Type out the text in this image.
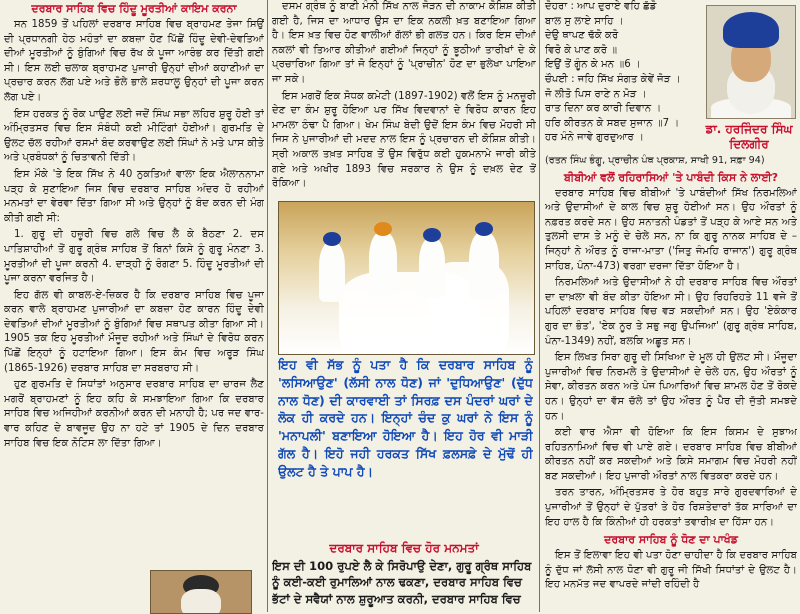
ਦਰਬਾਰ ਸਾਹਿਬ ਵਿਚ ਹਿੰਦੂ ਮੂਰਤੀਆਂ ਕਾਇਮ ਕਰਨਾ

ਸਨ 1859 ਤੋਂ ਪਹਿਲਾਂ ਦਰਬਾਰ ਸਾਹਿਬ ਵਿਚ ਬ੍ਰਾਹਮਣ ਤੇਜਾ ਸਿਉਂ ਦੀ ਪ੍ਰਧਾਨਗੀ ਹੇਠ ਮਹੰਤਾਂ ਦਾ ਕਬਜ਼ਾ ਹੋਣ ਪਿੱਛੋਂ ਹਿੰਦੂ ਦੇਵੀ-ਦੇਵਤਿਆਂ ਦੀਆਂ ਮੂਰਤੀਆਂ ਨੂੰ ਬੁੰਗਿਆਂ ਵਿਚ ਰੱਖ ਕੇ ਪੂਜਾ ਆਰੰਭ ਕਰ ਦਿੱਤੀ ਗਈ ਸੀ। ਇਸ ਲਈ ਚਲਾਕ ਬ੍ਰਾਹਮਣ ਪੁਜਾਰੀ ਉਨ੍ਹਾਂ ਦੀਆਂ ਕਹਾਣੀਆਂ ਦਾ ਪ੍ਰਚਾਰ ਕਰਨ ਲੱਗ ਪਏ ਅਤੇ ਭੋਲੇ ਭਾਲੇ ਸ਼ਰਧਾਲੂ ਉਨ੍ਹਾਂ ਦੀ ਪੂਜਾ ਕਰਨ ਲੱਗ ਪਏ।

ਇਸ ਹਰਕਤ ਨੂੰ ਰੋਕ ਪਾਉਣ ਲਈ ਜਦੋਂ ਸਿੰਘ ਸਭਾ ਲਹਿਰ ਸ਼ੁਰੂ ਹੋਈ ਤਾਂ ਅੰਮ੍ਰਿਤਸਰ ਵਿਚ ਇਸ ਸੰਬੰਧੀ ਕਈ ਮੀਟਿੰਗਾਂ ਹੋਈਆਂ। ਗੁਰਮਤਿ ਦੇ ਉਲਟ ਚੱਲ ਰਹੀਆਂ ਰਸਮਾਂ ਬੰਦ ਕਰਵਾਉਣ ਲਈ ਸਿੰਘਾਂ ਨੇ ਮਤੇ ਪਾਸ ਕੀਤੇ ਅਤੇ ਪ੍ਰਬੰਧਕਾਂ ਨੂੰ ਚਿਤਾਵਨੀ ਦਿੱਤੀ।

ਇਸ ਮੌਕੇ 'ਤੇ ਇਕ ਸਿੱਖ ਨੇ 40 ਨੁਕਤਿਆਂ ਵਾਲਾ ਇਕ ਐਲਾਨਨਾਮਾ ਪੜ੍ਹ ਕੇ ਸੁਣਾਇਆ ਜਿਸ ਵਿਚ ਦਰਬਾਰ ਸਾਹਿਬ ਅੰਦਰ ਹੋ ਰਹੀਆਂ ਮਨਮਤਾਂ ਦਾ ਵੇਰਵਾ ਦਿੱਤਾ ਗਿਆ ਸੀ ਅਤੇ ਉਨ੍ਹਾਂ ਨੂੰ ਬੰਦ ਕਰਨ ਦੀ ਮੰਗ ਕੀਤੀ ਗਈ ਸੀ:

1. ਗੁਰੂ ਦੀ ਹਜ਼ੂਰੀ ਵਿਚ ਗਲੇ ਵਿਚ ਲੈ ਕੇ ਬੈਠਣਾ 2. ਦਸ ਪਾਤਿਸ਼ਾਹੀਆਂ ਤੋਂ ਗੁਰੂ ਗ੍ਰੰਥ ਸਾਹਿਬ ਤੋਂ ਬਿਨਾਂ ਕਿਸੇ ਨੂੰ ਗੁਰੂ ਮੰਨਣਾ 3. ਮੂਰਤੀਆਂ ਦੀ ਪੂਜਾ ਕਰਨੀ 4. ਦਾੜ੍ਹੀ ਨੂੰ ਰੰਗਣਾ 5. ਹਿੰਦੂ ਮੂਰਤੀਆਂ ਦੀ ਪੂਜਾ ਕਰਨਾ ਵਰਜਿਤ ਹੈ।

ਇਹ ਗੱਲ ਵੀ ਕਾਬਲ-ਏ-ਜ਼ਿਕਰ ਹੈ ਕਿ ਦਰਬਾਰ ਸਾਹਿਬ ਵਿਚ ਪੂਜਾ ਕਰਨ ਵਾਲੇ ਬ੍ਰਾਹਮਣ ਪੁਜਾਰੀਆਂ ਦਾ ਕਬਜ਼ਾ ਹੋਣ ਕਾਰਨ ਹਿੰਦੂ ਦੇਵੀ ਦੇਵਤਿਆਂ ਦੀਆਂ ਮੂਰਤੀਆਂ ਨੂੰ ਬੁੰਗਿਆਂ ਵਿਚ ਸਥਾਪਤ ਕੀਤਾ ਗਿਆ ਸੀ। 1905 ਤਕ ਇਹ ਮੂਰਤੀਆਂ ਮੌਜੂਦ ਰਹੀਆਂ ਅਤੇ ਸਿੰਘਾਂ ਦੇ ਵਿਰੋਧ ਕਰਨ ਪਿੱਛੋਂ ਇਨ੍ਹਾਂ ਨੂੰ ਹਟਾਇਆ ਗਿਆ। ਇਸ ਕੰਮ ਵਿਚ ਅਰੂੜ ਸਿੰਘ (1865-1926) ਦਰਬਾਰ ਸਾਹਿਬ ਦਾ ਸਰਬਰਾਹ ਸੀ।

ਹੁਣ ਗੁਰਮਤਿ ਦੇ ਸਿਧਾਂਤਾਂ ਅਨੁਸਾਰ ਦਰਬਾਰ ਸਾਹਿਬ ਦਾ ਚਾਰਜ ਲੈਣ ਮਗਰੋਂ ਬ੍ਰਾਹਮਣਾਂ ਨੂੰ ਇਹ ਕਹਿ ਕੇ ਸਮਝਾਇਆ ਗਿਆ ਕਿ ਦਰਬਾਰ ਸਾਹਿਬ ਵਿਚ ਅਜਿਹੀਆਂ ਕਰਨੀਆਂ ਕਰਨ ਦੀ ਮਨਾਹੀ ਹੈ; ਪਰ ਜਦ ਵਾਰ-ਵਾਰ ਕਹਿਣ ਦੇ ਬਾਵਜੂਦ ਉਹ ਨਾ ਹਟੇ ਤਾਂ 1905 ਦੇ ਦਿਨ ਦਰਬਾਰ ਸਾਹਿਬ ਵਿਚ ਇਕ ਨੋਟਿਸ ਲਾ ਦਿੱਤਾ ਗਿਆ।

ਦਸਮ ਗ੍ਰੰਥ ਨੂੰ ਬਾਣੀ ਮੰਨੀ ਸਿੱਖ ਨਾਲ ਜੋੜਨ ਦੀ ਨਾਕਾਮ ਕੋਸ਼ਿਸ਼ ਕੀਤੀ ਗਈ ਹੈ, ਜਿਸ ਦਾ ਆਧਾਰ ਉਸ ਦਾ ਇਕ ਨਕਲੀ ਖ਼ਤ ਬਣਾਇਆ ਗਿਆ ਹੈ। ਇਸ ਖ਼ਤ ਵਿਚ ਹੋਣ ਵਾਲੀਆਂ ਗੱਲਾਂ ਭੀ ਗਲਤ ਹਨ। ਕਿਰ ਇਸ ਦੀਆਂ ਨਕਲਾਂ ਵੀ ਤਿਆਰ ਕੀਤੀਆਂ ਗਈਆਂ ਜਿਨ੍ਹਾਂ ਨੂੰ ਝੂਠੀਆਂ ਤਾਰੀਖਾਂ ਦੇ ਕੇ ਪ੍ਰਚਾਰਿਆ ਗਿਆ ਤਾਂ ਜੋ ਇਨ੍ਹਾਂ ਨੂੰ 'ਪ੍ਰਾਚੀਨ' ਹੋਣ ਦਾ ਭੁਲੇਖਾ ਪਾਇਆ ਜਾ ਸਕੇ।

ਇਸ ਮਗਰੋਂ ਇਕ ਸੋਧਕ ਕਮੇਟੀ (1897-1902) ਵਲੋਂ ਇਸ ਨੂੰ ਮਨਜ਼ੂਰੀ ਦੇਣ ਦਾ ਕੰਮ ਸ਼ੁਰੂ ਹੋਇਆ ਪਰ ਸਿੱਖ ਵਿਦਵਾਨਾਂ ਦੇ ਵਿਰੋਧ ਕਾਰਨ ਇਹ ਮਾਮਲਾ ਠੰਢਾ ਪੈ ਗਿਆ। ਖੇਮ ਸਿੰਘ ਬੇਦੀ ਉਦੋਂ ਇਸ ਕੰਮ ਵਿਚ ਮੋਹਰੀ ਸੀ ਜਿਸ ਨੇ ਪੁਜਾਰੀਆਂ ਦੀ ਮਦਦ ਨਾਲ ਇਸ ਨੂੰ ਪ੍ਰਚਾਰਨ ਦੀ ਕੋਸ਼ਿਸ਼ ਕੀਤੀ। ਸ੍ਰੀ ਅਕਾਲ ਤਖ਼ਤ ਸਾਹਿਬ ਤੋਂ ਉਸ ਵਿਰੁੱਧ ਕਈ ਹੁਕਮਨਾਮੇ ਜਾਰੀ ਕੀਤੇ ਗਏ ਅਤੇ ਅਖੀਰ 1893 ਵਿਚ ਸਰਕਾਰ ਨੇ ਉਸ ਨੂੰ ਦਖ਼ਲ ਦੇਣ ਤੋਂ ਰੋਕਿਆ।

ਇਹ ਵੀ ਸੱਭ ਨੂੰ ਪਤਾ ਹੈ ਕਿ ਦਰਬਾਰ ਸਾਹਿਬ ਨੂੰ 'ਲਸਿਆਉਣ' (ਲੱਸੀ ਨਾਲ ਧੋਣ) ਜਾਂ 'ਦੁਧਿਆਉਣ' (ਦੁੱਧ ਨਾਲ ਧੋਣ) ਦੀ ਕਾਰਵਾਈ ਤਾਂ ਸਿਰਫ਼ ਦਸ ਪੰਦਰਾਂ ਘਰਾਂ ਦੇ ਲੋਕ ਹੀ ਕਰਦੇ ਹਨ। ਇਨ੍ਹਾਂ ਚੰਦ ਕੁ ਘਰਾਂ ਨੇ ਇਸ ਨੂੰ 'ਮਨਾਪਲੀ' ਬਣਾਇਆ ਹੋਇਆ ਹੈ। ਇਹ ਹੋਰ ਵੀ ਮਾੜੀ ਗੱਲ ਹੈ। ਇਹੋ ਜਹੀ ਹਰਕਤ ਸਿੱਖ ਫ਼ਲਸਫ਼ੇ ਦੇ ਮੁੱਢੋਂ ਹੀ ਉਲਟ ਹੈ ਤੇ ਪਾਪ ਹੈ।
ਦਰਬਾਰ ਸਾਹਿਬ ਵਿਚ ਹੋਰ ਮਨਮਤਾਂ
ਇਸ ਦੀ 100 ਰੁਪਏ ਲੈ ਕੇ ਸਿਰੋਪਾਉ ਦੇਣਾ, ਗੁਰੂ ਗ੍ਰੰਥ ਸਾਹਿਬ ਨੂੰ ਕਈ-ਕਈ ਰੁਮਾਲਿਆਂ ਨਾਲ ਢਕਣਾ, ਦਰਬਾਰ ਸਾਹਿਬ ਵਿਚ ਭੱਟਾਂ ਦੇ ਸਵੈਯਾਂ ਨਾਲ ਸ਼ੁਰੂਆਤ ਕਰਨੀ, ਦਰਬਾਰ ਸਾਹਿਬ ਵਿਚ
ਦੋਹਰਾ : ਆਪ ਦੁਰਾਏ ਵਹਿ ਛੱਡੋ
ਬਾਲ ਸੁ ਲਾਏ ਸਾਹਿ ।
ਦੇਉ ਥਾਪਣ ਢੱਕੋ ਕਰੋ
ਵਿਰੋ ਕੇ ਪਾਣ ਕਰੋ ॥
ਇਉਂ ਤੋਂ ਗੂੰਨ ਕੇ ਮਨ ॥6 ।
ਚੌਪਈ : ਜਹਿ ਸਿੱਖ ਸੰਗਤ ਕੇਵੇਂ ਜੋੜ ।
ਜੋ ਲੀਤੋ ਪਿਸ ਰਾਣੇ ਨ ਮੋੜ ।
ਰਾਤ ਦਿਨਾ ਕਰ ਕਾਰੀ ਦਿਵਾਨ ।
ਹਰਿ ਕੀਰਤਨ ਕੇ ਸਬਦ ਸੁਜਾਨ ॥7 ।
ਹਰ ਮੰਨੇ ਜਾਵੇ ਗੁਰਦੁਆਰ ।
ਡਾ. ਹਰਜਿੰਦਰ ਸਿੰਘ ਦਿਲਗੀਰ
(ਰਤਨ ਸਿੰਘ ਭੰਗੂ, ਪ੍ਰਾਚੀਨ ਪੰਥ ਪ੍ਰਕਾਸ਼, ਸਾਖੀ 91, ਸਫ਼ਾ 94)
ਬੀਬੀਆਂ ਵਲੋਂ ਰਹਿਰਾਸਿਆਂ 'ਤੇ ਪਾਬੰਦੀ ਕਿਸ ਨੇ ਲਾਈ?

ਦਰਬਾਰ ਸਾਹਿਬ ਵਿਚ ਬੀਬੀਆਂ 'ਤੇ ਪਾਬੰਦੀਆਂ ਸਿੱਖ ਨਿਰਮਲਿਆਂ ਅਤੇ ਉਦਾਸੀਆਂ ਦੇ ਕਾਲ ਵਿਚ ਸ਼ੁਰੂ ਹੋਈਆਂ ਸਨ। ਉਹ ਔਰਤਾਂ ਨੂੰ ਨਫ਼ਰਤ ਕਰਦੇ ਸਨ। ਉਹ ਸਨਾਤਨੀ ਪੰਡਤਾਂ ਤੋਂ ਪੜ੍ਹ ਕੇ ਆਏ ਸਨ ਅਤੇ ਤੁਲਸੀ ਦਾਸ ਤੇ ਮਨੂੰ ਦੇ ਚੇਲੇ ਸਨ, ਨਾ ਕਿ ਗੁਰੂ ਨਾਨਕ ਸਾਹਿਬ ਦੇ – ਜਿਨ੍ਹਾਂ ਨੇ ਔਰਤ ਨੂੰ ਰਾਜਾ-ਮਾਤਾ ('ਜਿਤੁ ਜੰਮਹਿ ਰਾਜਾਨ') ਗੁਰੂ ਗ੍ਰੰਥ ਸਾਹਿਬ, ਪੰਨਾ-473) ਵਰਗਾ ਦਰਜਾ ਦਿੱਤਾ ਹੋਇਆ ਹੈ।

ਨਿਰਮਲਿਆਂ ਅਤੇ ਉਦਾਸੀਆਂ ਨੇ ਹੀ ਦਰਬਾਰ ਸਾਹਿਬ ਵਿਚ ਔਰਤਾਂ ਦਾ ਦਾਖ਼ਲਾ ਵੀ ਬੰਦ ਕੀਤਾ ਹੋਇਆ ਸੀ। ਉਹ ਰਿਹਰਿਹਤੇ 11 ਵਜੇ ਤੋਂ ਪਹਿਲਾਂ ਦਰਬਾਰ ਸਾਹਿਬ ਵਿਚ ਵੜ ਸਕਦੀਆਂ ਸਨ। ਉਹ 'ਏਕੰਕਾਰ ਗੁਰ ਦਾ ਭੰਤ', 'ਏਕ ਨੂਰ ਤੇ ਸਭੁ ਜਗੁ ਉਪਜਿਆ' (ਗੁਰੂ ਗ੍ਰੰਥ ਸਾਹਿਬ, ਪੰਨਾ-1349) ਨਹੀਂ, ਬਲਕਿ ਅਛੂਤ ਸਨ।

ਇਸ ਲਿਖਤ ਸਿਰਾ ਗੁਰੂ ਦੀ ਸਿਖਿਆ ਦੇ ਮੂਲ ਹੀ ਉਲਟ ਸੀ। ਮੌਜੂਦਾ ਪੁਜਾਰੀਆਂ ਵਿਚ ਨਿਰਮਲੇ ਤੇ ਉਦਾਸੀਆਂ ਦੇ ਚੇਲੇ ਹਨ, ਉਹ ਔਰਤਾਂ ਨੂੰ ਸੇਵਾ, ਕੀਰਤਨ ਕਰਨ ਅਤੇ ਪੰਜ ਪਿਆਰਿਆਂ ਵਿਚ ਸ਼ਾਮਲ ਹੋਣ ਤੋਂ ਰੋਕਦੇ ਹਨ। ਉਨ੍ਹਾਂ ਦਾ ਵੱਸ ਚੱਲੇ ਤਾਂ ਉਹ ਔਰਤ ਨੂੰ ਪੈਰ ਦੀ ਜੁੱਤੀ ਸਮਝਦੇ ਹਨ।

ਕਈ ਵਾਰ ਐਸਾ ਵੀ ਹੋਇਆ ਕਿ ਇਸ ਕਿਸਮ ਦੇ ਸੁਝਾਅ ਰਹਿਤਨਾਮਿਆਂ ਵਿਚ ਵੀ ਪਾਏ ਗਏ। ਦਰਬਾਰ ਸਾਹਿਬ ਵਿਚ ਬੀਬੀਆਂ ਕੀਰਤਨ ਨਹੀਂ ਕਰ ਸਕਦੀਆਂ ਅਤੇ ਕਿਸੇ ਸਮਾਗਮ ਵਿਚ ਮੋਹਰੀ ਨਹੀਂ ਬਣ ਸਕਦੀਆਂ। ਇਹ ਪੁਜਾਰੀ ਔਰਤਾਂ ਨਾਲ ਵਿਤਕਰਾ ਕਰਦੇ ਹਨ।

ਤਰਨ ਤਾਰਨ, ਅੰਮ੍ਰਿਤਸਰ ਤੇ ਹੋਰ ਬਹੁਤ ਸਾਰੇ ਗੁਰਦਵਾਰਿਆਂ ਦੇ ਪੁਜਾਰੀਆਂ ਤੋਂ ਉਨ੍ਹਾਂ ਦੇ ਪੁੱਤਰਾਂ ਤੇ ਹੋਰ ਰਿਸ਼ਤੇਦਾਰਾਂ ਤੱਕ ਸਾਰਿਆਂ ਦਾ ਇਹ ਹਾਲ ਹੈ ਕਿ ਕਿੰਨੀਆਂ ਹੀ ਹਰਕਤਾਂ ਤਵਾਰੀਖ਼ ਦਾ ਹਿੱਸਾ ਹਨ।

ਦਰਬਾਰ ਸਾਹਿਬ ਨੂੰ ਧੋਣ ਦਾ ਪਾਖੰਡ

ਇਸ ਤੋਂ ਇਲਾਵਾ ਇਹ ਵੀ ਪਤਾ ਹੋਣਾ ਚਾਹੀਦਾ ਹੈ ਕਿ ਦਰਬਾਰ ਸਾਹਿਬ ਨੂੰ ਦੁੱਧ ਜਾਂ ਲੱਸੀ ਨਾਲ ਧੋਣਾ ਵੀ ਗੁਰੂ ਜੀ ਸਿੱਖੀ ਸਿਧਾਂਤਾਂ ਦੇ ਉਲਟ ਹੈ। ਇਹ ਮਨਮੱਤ ਜਦ ਵਾਪਰਦੇ ਜਾਂਦੀ ਰਹਿੰਦੀ ਹੈ
